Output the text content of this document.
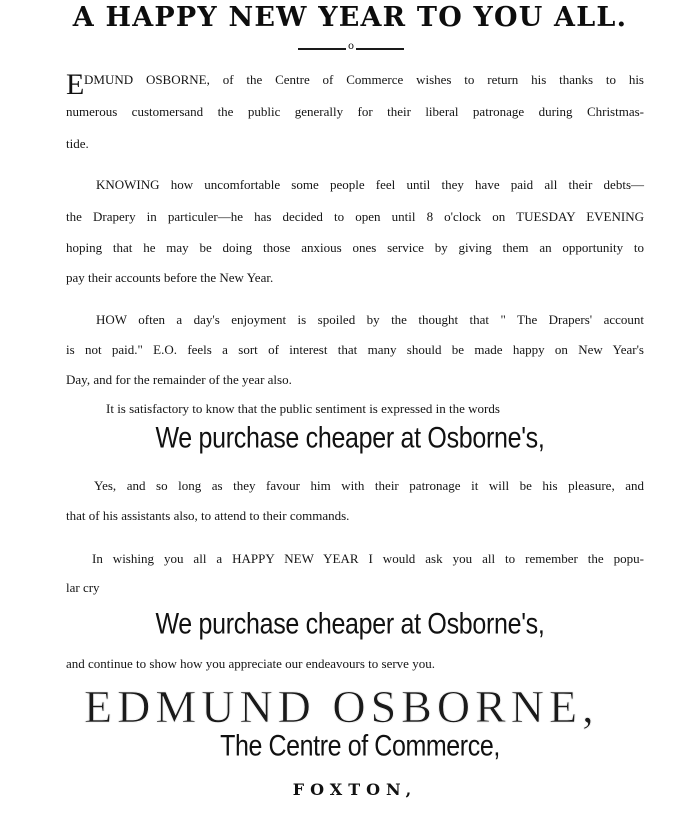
A HAPPY NEW YEAR TO YOU ALL.
o
E DMUND OSBORNE, of the Centre of Commerce wishes to return his thanks to his
numerous customersand the public generally for their liberal patronage during Christmas-
tide.
KNOWING how uncomfortable some people feel until they have paid all their debts—
the Drapery in particuler—he has decided to open until 8 o'clock on TUESDAY EVENING
hoping that he may be doing those anxious ones service by giving them an opportunity to
pay their accounts before the New Year.
HOW often a day's enjoyment is spoiled by the thought that " The Drapers' account
is not paid." E.O. feels a sort of interest that many should be made happy on New Year's
Day, and for the remainder of the year also.
It is satisfactory to know that the public sentiment is expressed in the words
We purchase cheaper at Osborne's,
Yes, and so long as they favour him with their patronage it will be his pleasure, and
that of his assistants also, to attend to their commands.
In wishing you all a HAPPY NEW YEAR I would ask you all to remember the popu-
lar cry
We purchase cheaper at Osborne's,
and continue to show how you appreciate our endeavours to serve you.
EDMUND OSBORNE,
The Centre of Commerce,
FOXTON,
